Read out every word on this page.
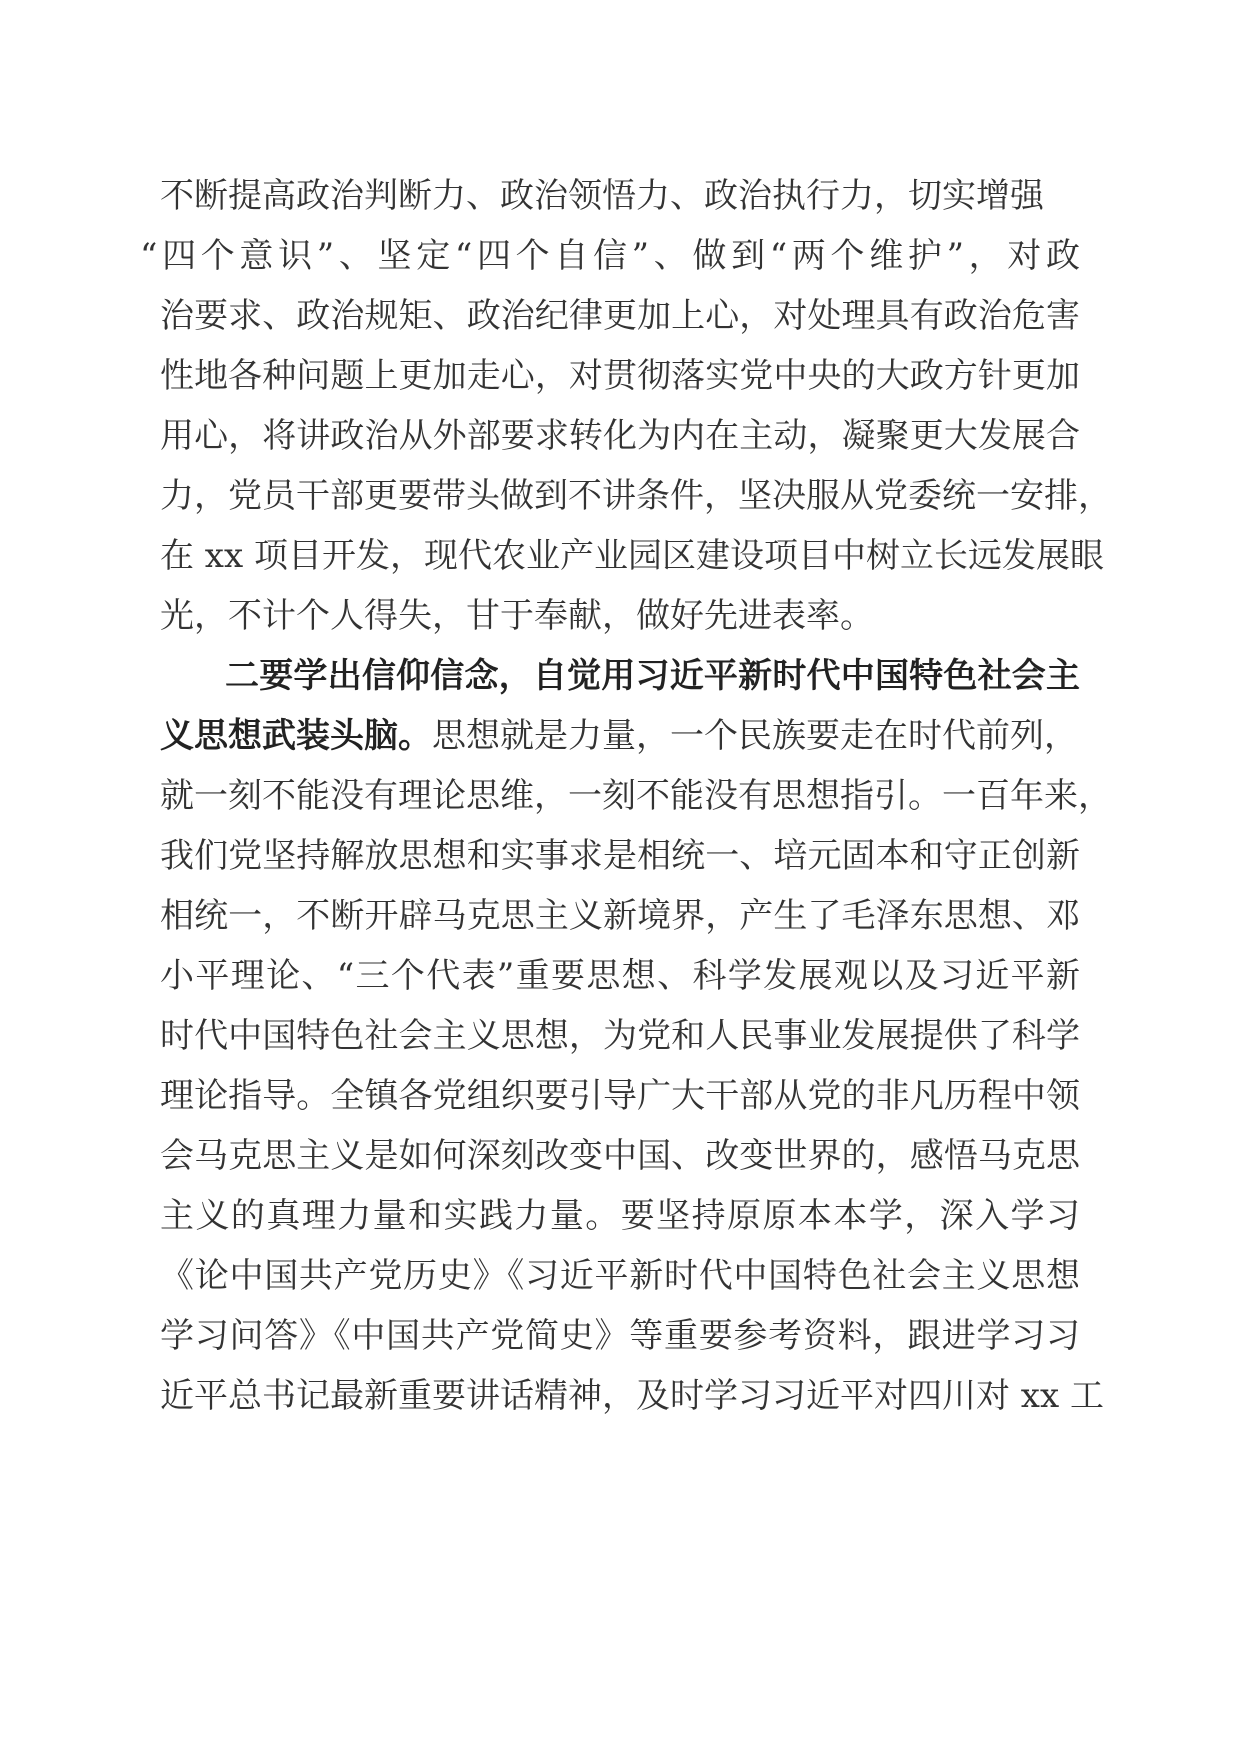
不断提高政治判断力、政治领悟力、政治执行力，切实增强
“四个意识”、坚定“四个自信”、做到“两个维护”，对政
治要求、政治规矩、政治纪律更加上心，对处理具有政治危害
性地各种问题上更加走心，对贯彻落实党中央的大政方针更加
用心，将讲政治从外部要求转化为内在主动，凝聚更大发展合
力，党员干部更要带头做到不讲条件，坚决服从党委统一安排，
在 xx 项目开发，现代农业产业园区建设项目中树立长远发展眼
光，不计个人得失，甘于奉献，做好先进表率。
二要学出信仰信念，自觉用习近平新时代中国特色社会主
义思想武装头脑。思想就是力量，一个民族要走在时代前列，
就一刻不能没有理论思维，一刻不能没有思想指引。一百年来，
我们党坚持解放思想和实事求是相统一、培元固本和守正创新
相统一，不断开辟马克思主义新境界，产生了毛泽东思想、邓
小平理论、“三个代表”重要思想、科学发展观以及习近平新
时代中国特色社会主义思想，为党和人民事业发展提供了科学
理论指导。全镇各党组织要引导广大干部从党的非凡历程中领
会马克思主义是如何深刻改变中国、改变世界的，感悟马克思
主义的真理力量和实践力量。要坚持原原本本学，深入学习
《论中国共产党历史》《习近平新时代中国特色社会主义思想
学习问答》《中国共产党简史》等重要参考资料，跟进学习习
近平总书记最新重要讲话精神，及时学习习近平对四川对 xx 工
